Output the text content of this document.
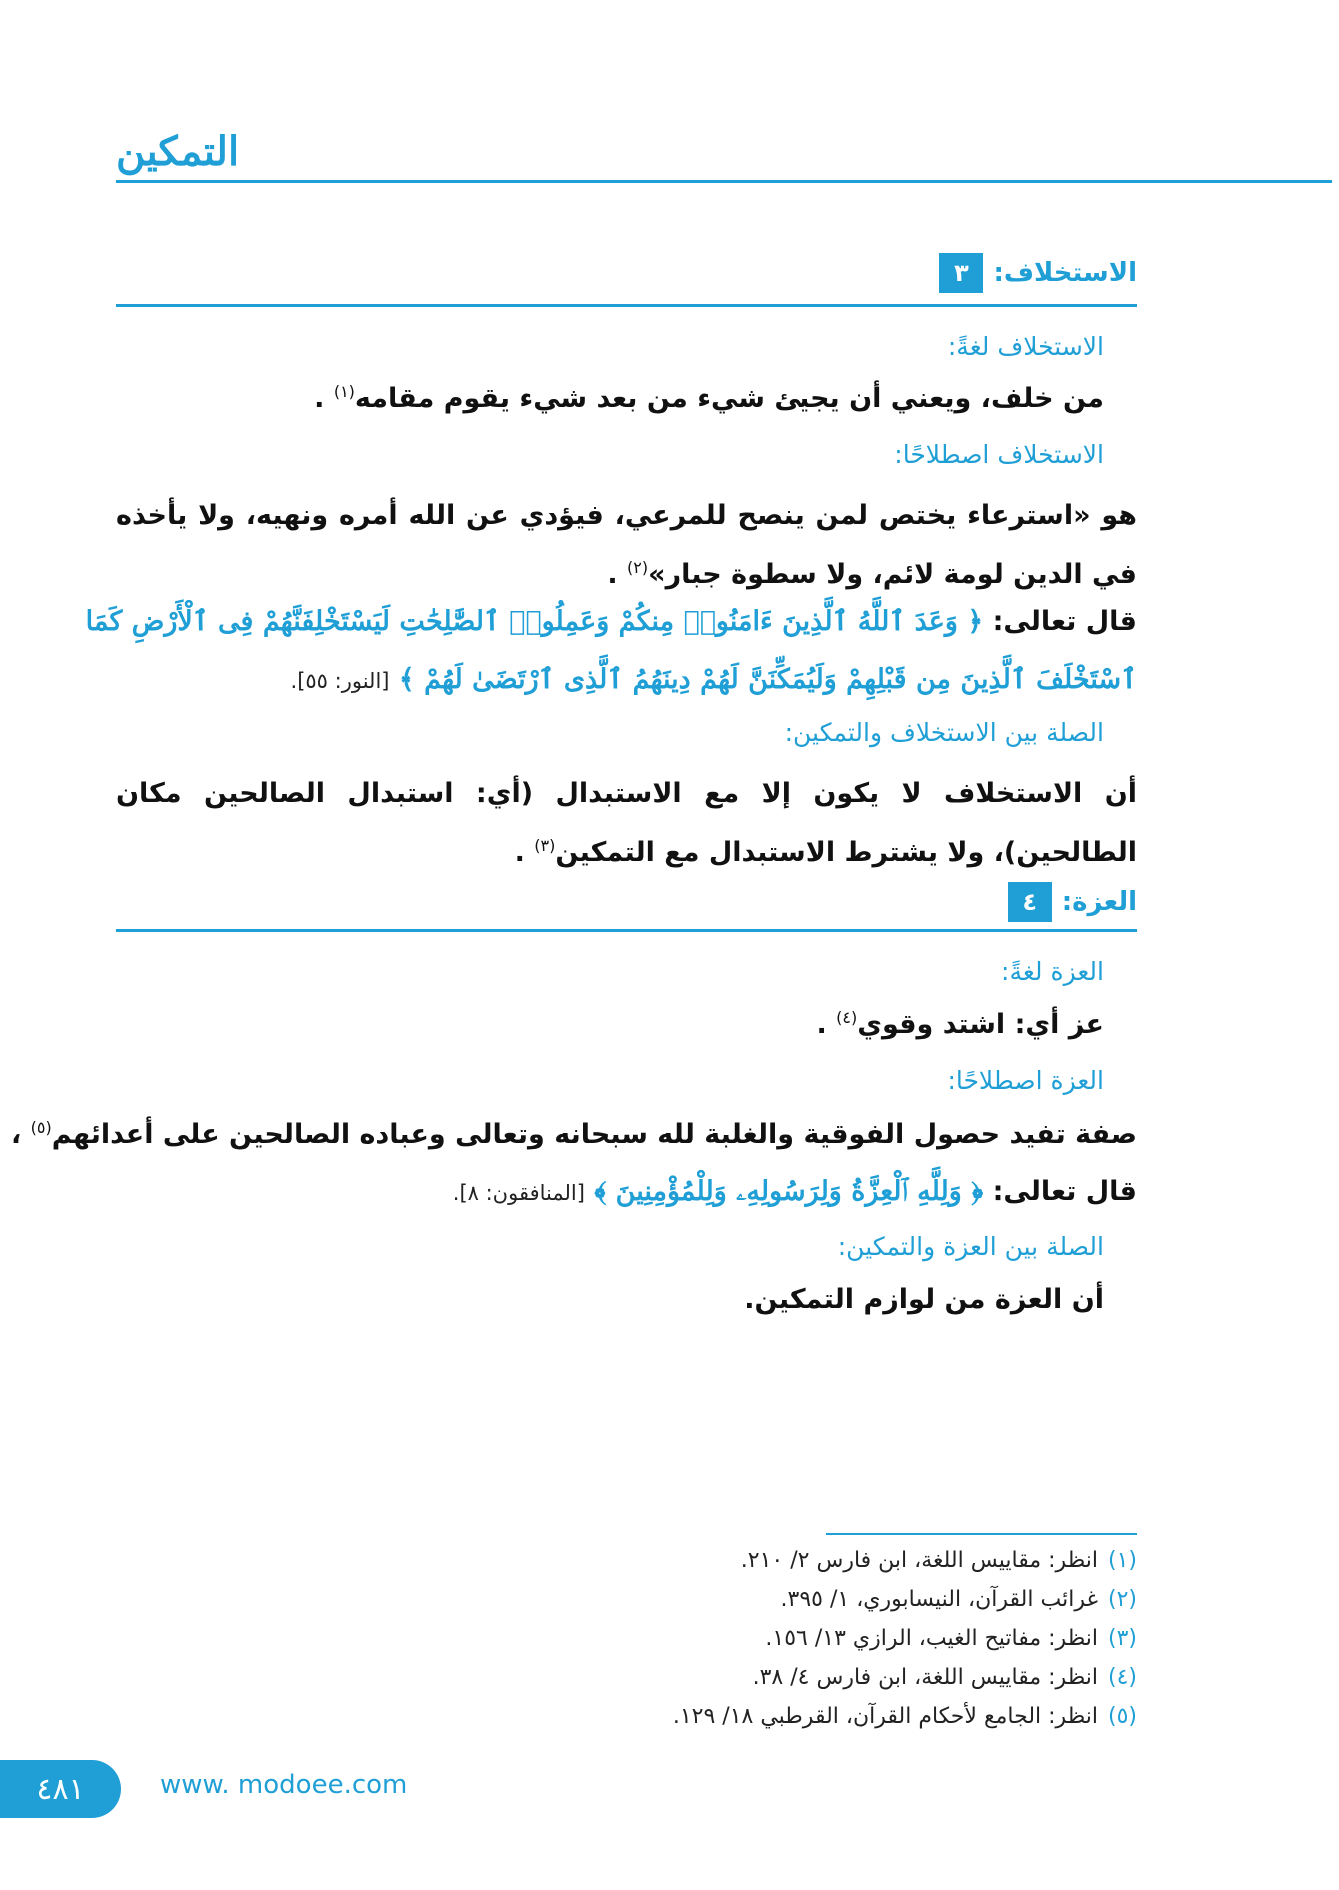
التمكين
٣ الاستخلاف:
الاستخلاف لغةً:
من خلف، ويعني أن يجيئ شيء من بعد شيء يقوم مقامه$^{(١)}$ .
الاستخلاف اصطلاحًا:
هو «استرعاء يختص لمن ينصح للمرعي، فيؤدي عن الله أمره ونهيه، ولا يأخذه في الدين لومة لائم، ولا سطوة جبار»$^{(٢)}$ .
قال تعالى: ﴿ وَعَدَ ٱللَّهُ ٱلَّذِينَ ءَامَنُوا۟ مِنكُمْ وَعَمِلُوا۟ ٱلصَّٰلِحَٰتِ لَيَسْتَخْلِفَنَّهُمْ فِى ٱلْأَرْضِ كَمَا
ٱسْتَخْلَفَ ٱلَّذِينَ مِن قَبْلِهِمْ وَلَيُمَكِّنَنَّ لَهُمْ دِينَهُمُ ٱلَّذِى ٱرْتَضَىٰ لَهُمْ ﴾ [النور: ٥٥].
الصلة بين الاستخلاف والتمكين:
أن الاستخلاف لا يكون إلا مع الاستبدال (أي: استبدال الصالحين مكان الطالحين)، ولا يشترط الاستبدال مع التمكين$^{(٣)}$ .
٤ العزة:
العزة لغةً:
عز أي: اشتد وقوي$^{(٤)}$ .
العزة اصطلاحًا:
صفة تفيد حصول الفوقية والغلبة لله سبحانه وتعالى وعباده الصالحين على أعدائهم$^{(٥)}$ ،
قال تعالى: ﴿ وَلِلَّهِ ٱلْعِزَّةُ وَلِرَسُولِهِۦ وَلِلْمُؤْمِنِينَ ﴾ [المنافقون: ٨].
الصلة بين العزة والتمكين:
أن العزة من لوازم التمكين.
(١)انظر: مقاييس اللغة، ابن فارس ٢/ ٢١٠.
(٢)غرائب القرآن، النيسابوري، ١/ ٣٩٥.
(٣)انظر: مفاتيح الغيب، الرازي ١٣/ ١٥٦.
(٤)انظر: مقاييس اللغة، ابن فارس ٤/ ٣٨.
(٥)انظر: الجامع لأحكام القرآن، القرطبي ١٨/ ١٢٩.
٤٨١	www. modoee.com
